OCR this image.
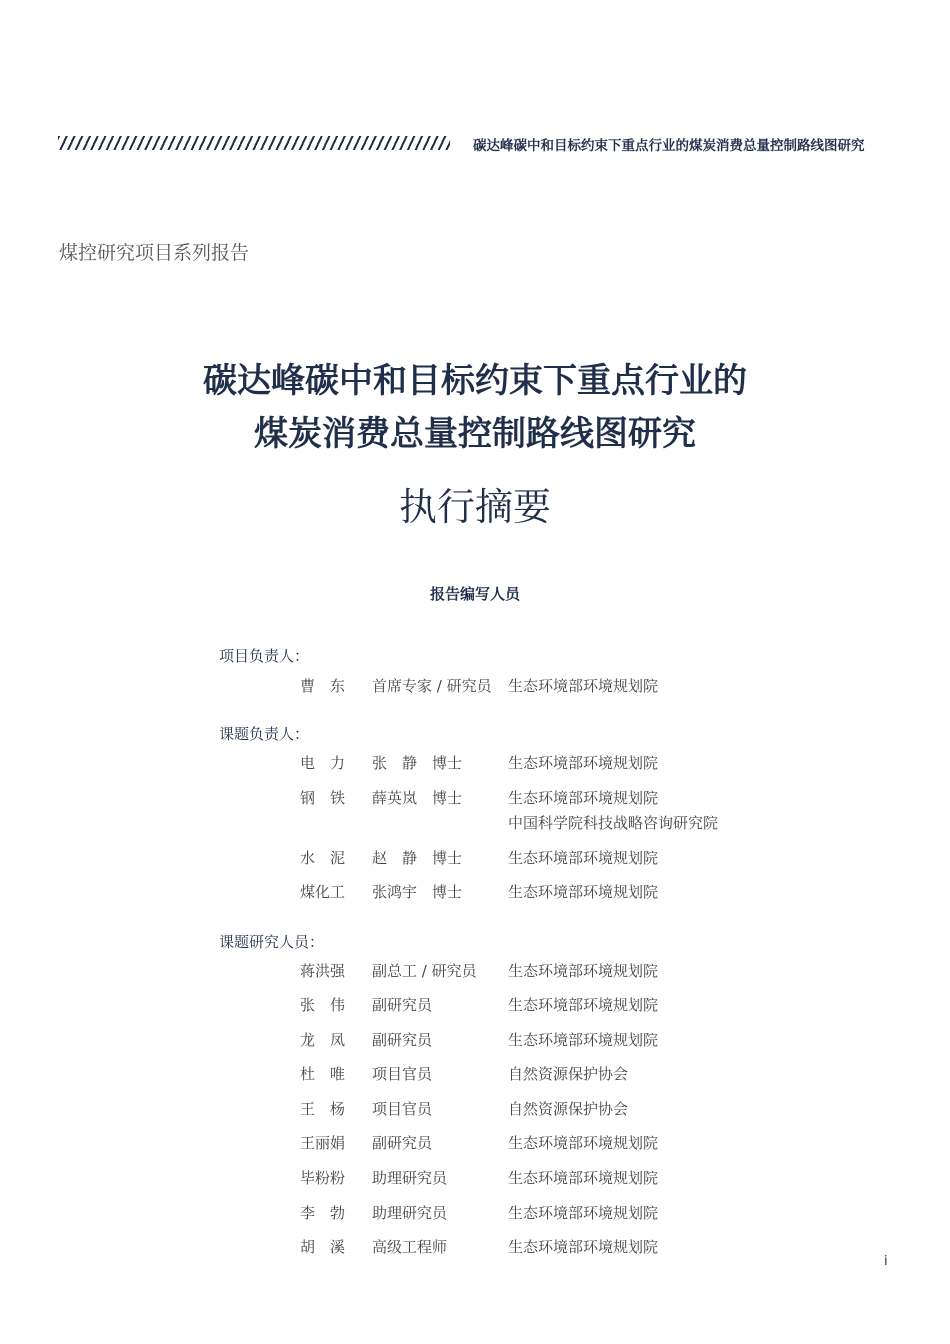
碳达峰碳中和目标约束下重点行业的煤炭消费总量控制路线图研究
煤控研究项目系列报告
碳达峰碳中和目标约束下重点行业的
煤炭消费总量控制路线图研究
执行摘要
报告编写人员
项目负责人：
曹　东 首席专家 / 研究员 生态环境部环境规划院
课题负责人：
电　力 张　静　博士	生态环境部环境规划院
钢　铁 薛英岚　博士	生态环境部环境规划院
中国科学院科技战略咨询研究院
水　泥 赵　静　博士	生态环境部环境规划院
煤化工 张鸿宇　博士	生态环境部环境规划院
课题研究人员：
蒋洪强 副总工 / 研究员 生态环境部环境规划院
张　伟 副研究员	生态环境部环境规划院
龙　凤 副研究员	生态环境部环境规划院
杜　唯 项目官员	自然资源保护协会
王　杨 项目官员	自然资源保护协会
王丽娟 副研究员	生态环境部环境规划院
毕粉粉 助理研究员	生态环境部环境规划院
李　勃 助理研究员	生态环境部环境规划院
胡　溪 高级工程师	生态环境部环境规划院
i
